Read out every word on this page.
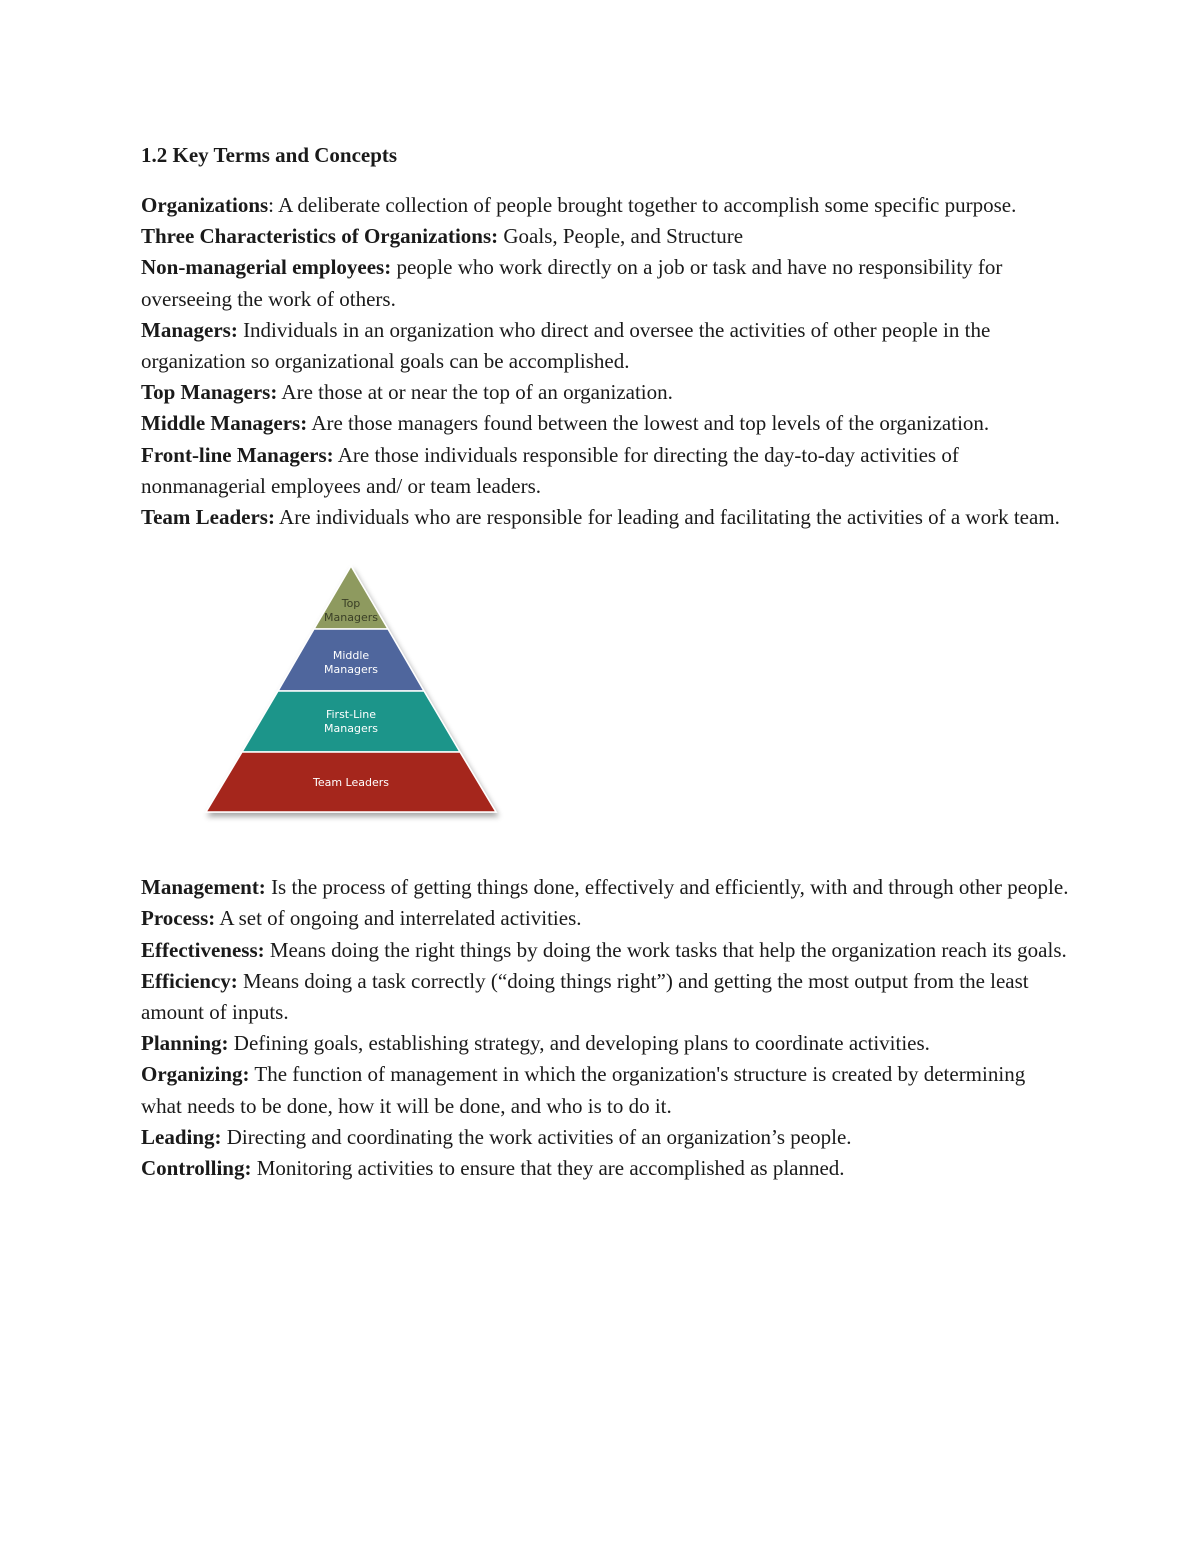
1.2 Key Terms and Concepts

Organizations: A deliberate collection of people brought together to accomplish some specific purpose.

Three Characteristics of Organizations: Goals, People, and Structure

Non-managerial employees: people who work directly on a job or task and have no responsibility for overseeing the work of others.

Managers: Individuals in an organization who direct and oversee the activities of other people in the organization so organizational goals can be accomplished.

Top Managers: Are those at or near the top of an organization.

Middle Managers: Are those managers found between the lowest and top levels of the organization.

Front-line Managers: Are those individuals responsible for directing the day-to-day activities of nonmanagerial employees and/ or team leaders.

Team Leaders: Are individuals who are responsible for leading and facilitating the activities of a work team.

Top
Managers
Middle
Managers
First-Line
Managers
Team Leaders

Management: Is the process of getting things done, effectively and efficiently, with and through other people.

Process: A set of ongoing and interrelated activities.

Effectiveness: Means doing the right things by doing the work tasks that help the organization reach its goals.

Efficiency: Means doing a task correctly (“doing things right”) and getting the most output from the least amount of inputs.

Planning: Defining goals, establishing strategy, and developing plans to coordinate activities.

Organizing: The function of management in which the organization's structure is created by determining what needs to be done, how it will be done, and who is to do it.

Leading: Directing and coordinating the work activities of an organization’s people.

Controlling: Monitoring activities to ensure that they are accomplished as planned.
